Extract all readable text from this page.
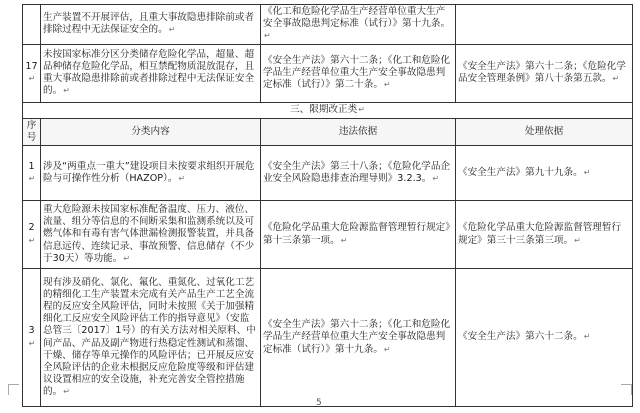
	生产装置不开展评估，且重大事故隐患排除前或者排除过程中无法保证安全的。↵	《化工和危险化学品生产经营单位重大生产安全事故隐患判定标准（试行）》第十九条。↵	
17↵	未按国家标准分区分类储存危险化学品，超量、超品种储存危险化学品，相互禁配物质混放混存，且重大事故隐患排除前或者排除过程中无法保证安全的。↵	《安全生产法》第六十二条；《化工和危险化学品生产经营单位重大生产安全事故隐患判定标准（试行）》第二十条。↵	《安全生产法》第六十二条；《危险化学品安全管理条例》第八十条第五款。↵
三、限期改正类↵			
序号	分类内容	违法依据	处理依据
1↵	涉及“两重点一重大”建设项目未按要求组织开展危险与可操作性分析（HAZOP）。↵	《安全生产法》第三十八条；《危险化学品企业安全风险隐患排查治理导则》3.2.3。↵	《安全生产法》第九十九条。↵
2↵	重大危险源未按国家标准配备温度、压力、液位、流量、组分等信息的不间断采集和监测系统以及可燃气体和有毒有害气体泄漏检测报警装置，并具备信息远传、连续记录、事故预警、信息储存（不少于30天）等功能。↵	《危险化学品重大危险源监督管理暂行规定》第十三条第一项。↵	《危险化学品重大危险源监督管理暂行规定》第三十三条第三项。↵
3↵	现有涉及硝化、氯化、氟化、重氮化、过氧化工艺的精细化工生产装置未完成有关产品生产工艺全流程的反应安全风险评估，同时未按照《关于加强精细化工反应安全风险评估工作的指导意见》（安监总管三〔2017〕1号）的有关方法对相关原料、中间产品、产品及副产物进行热稳定性测试和蒸馏、干燥、储存等单元操作的风险评估；已开展反应安全风险评估的企业未根据反应危险度等级和评估建议设置相应的安全设施，补充完善安全管控措施的。↵	《安全生产法》第六十二条；《化工和危险化学品生产经营单位重大生产安全事故隐患判定标准（试行）》第十九条。↵	《安全生产法》第六十二条。↵
5
